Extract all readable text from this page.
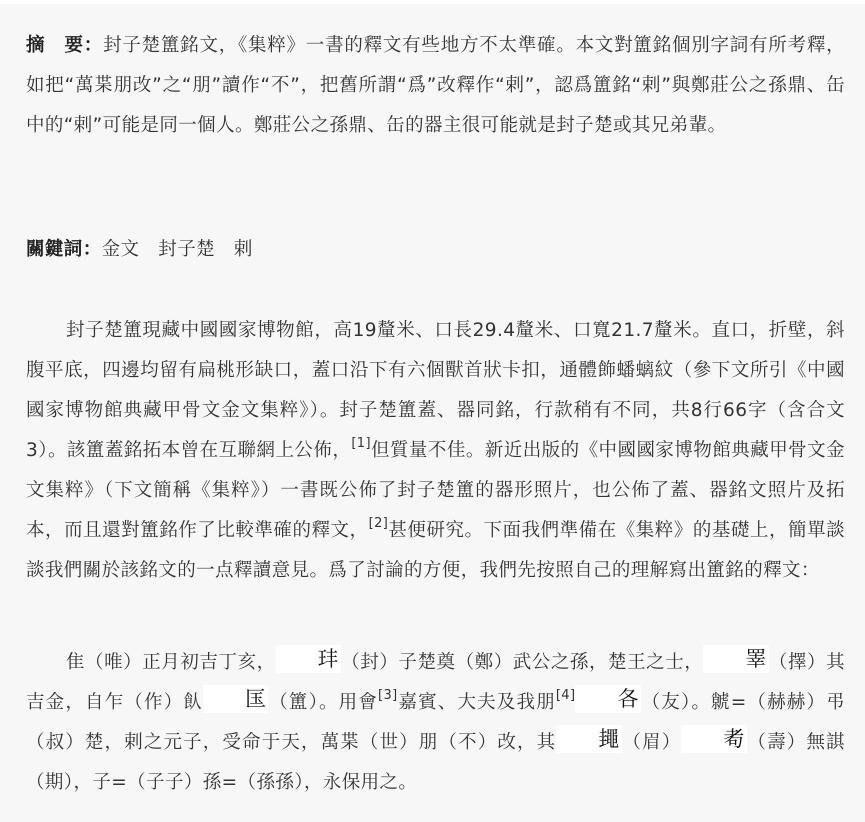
摘　要：封子楚簠銘文，《集粹》一書的釋文有些地方不太準確。本文對簠銘個別字詞有所考釋，如把“萬枼朋改”之“朋”讀作“不”，把舊所謂“爲”改釋作“剌”，認爲簠銘“剌”與鄭莊公之孫鼎、缶中的“剌”可能是同一個人。鄭莊公之孫鼎、缶的器主很可能就是封子楚或其兄弟輩。
關鍵詞：金文　封子楚　剌
封子楚簠現藏中國國家博物館，高19釐米、口長29.4釐米、口寬21.7釐米。直口，折壁，斜腹平底，四邊均留有扁桃形缺口，蓋口沿下有六個獸首狀卡扣，通體飾蟠螭紋（參下文所引《中國國家博物館典藏甲骨文金文集粹》）。封子楚簠蓋、器同銘，行款稍有不同，共8行66字（含合文3）。該簠蓋銘拓本曾在互聯網上公佈，[1]但質量不佳。新近出版的《中國國家博物館典藏甲骨文金文集粹》（下文簡稱《集粹》）一書既公佈了封子楚簠的器形照片，也公佈了蓋、器銘文照片及拓本，而且還對簠銘作了比較準確的釋文，[2]甚便研究。下面我們準備在《集粹》的基礎上，簡單談談我們關於該銘文的一点釋讀意見。爲了討論的方便，我們先按照自己的理解寫出簠銘的釋文：
隹（唯）正月初吉丁亥， 玤 （封）子楚奠（鄭）武公之孫，楚王之士， 睪 （擇）其吉金，自乍（作）飤 匤 （簠）。用會[3]嘉賓、大夫及我朋[4] 各 （友）。虩=（赫赫）弔（叔）楚，剌之元子，受命于天，萬枼（世）朋（不）改，其 䵷 （眉） 耇 （壽）無諆（期），子=（子子）孫=（孫孫），永保用之。
